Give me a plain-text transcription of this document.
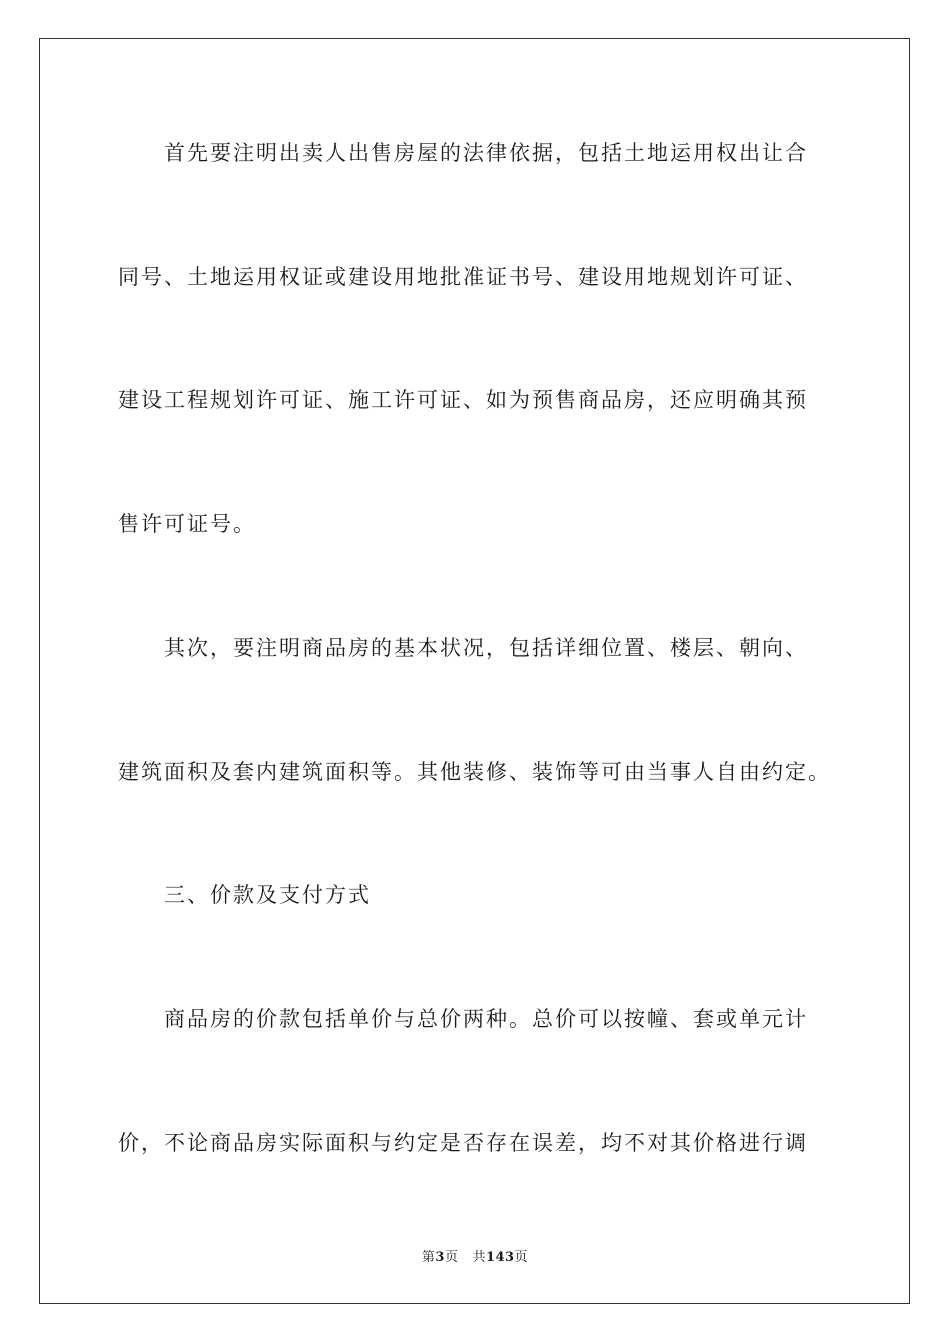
首先要注明出卖人出售房屋的法律依据，包括土地运用权出让合
同号、土地运用权证或建设用地批准证书号、建设用地规划许可证、
建设工程规划许可证、施工许可证、如为预售商品房，还应明确其预
售许可证号。
其次，要注明商品房的基本状况，包括详细位置、楼层、朝向、
建筑面积及套内建筑面积等。其他装修、装饰等可由当事人自由约定。
三、价款及支付方式
商品房的价款包括单价与总价两种。总价可以按幢、套或单元计
价，不论商品房实际面积与约定是否存在误差，均不对其价格进行调
第3页 共143页
